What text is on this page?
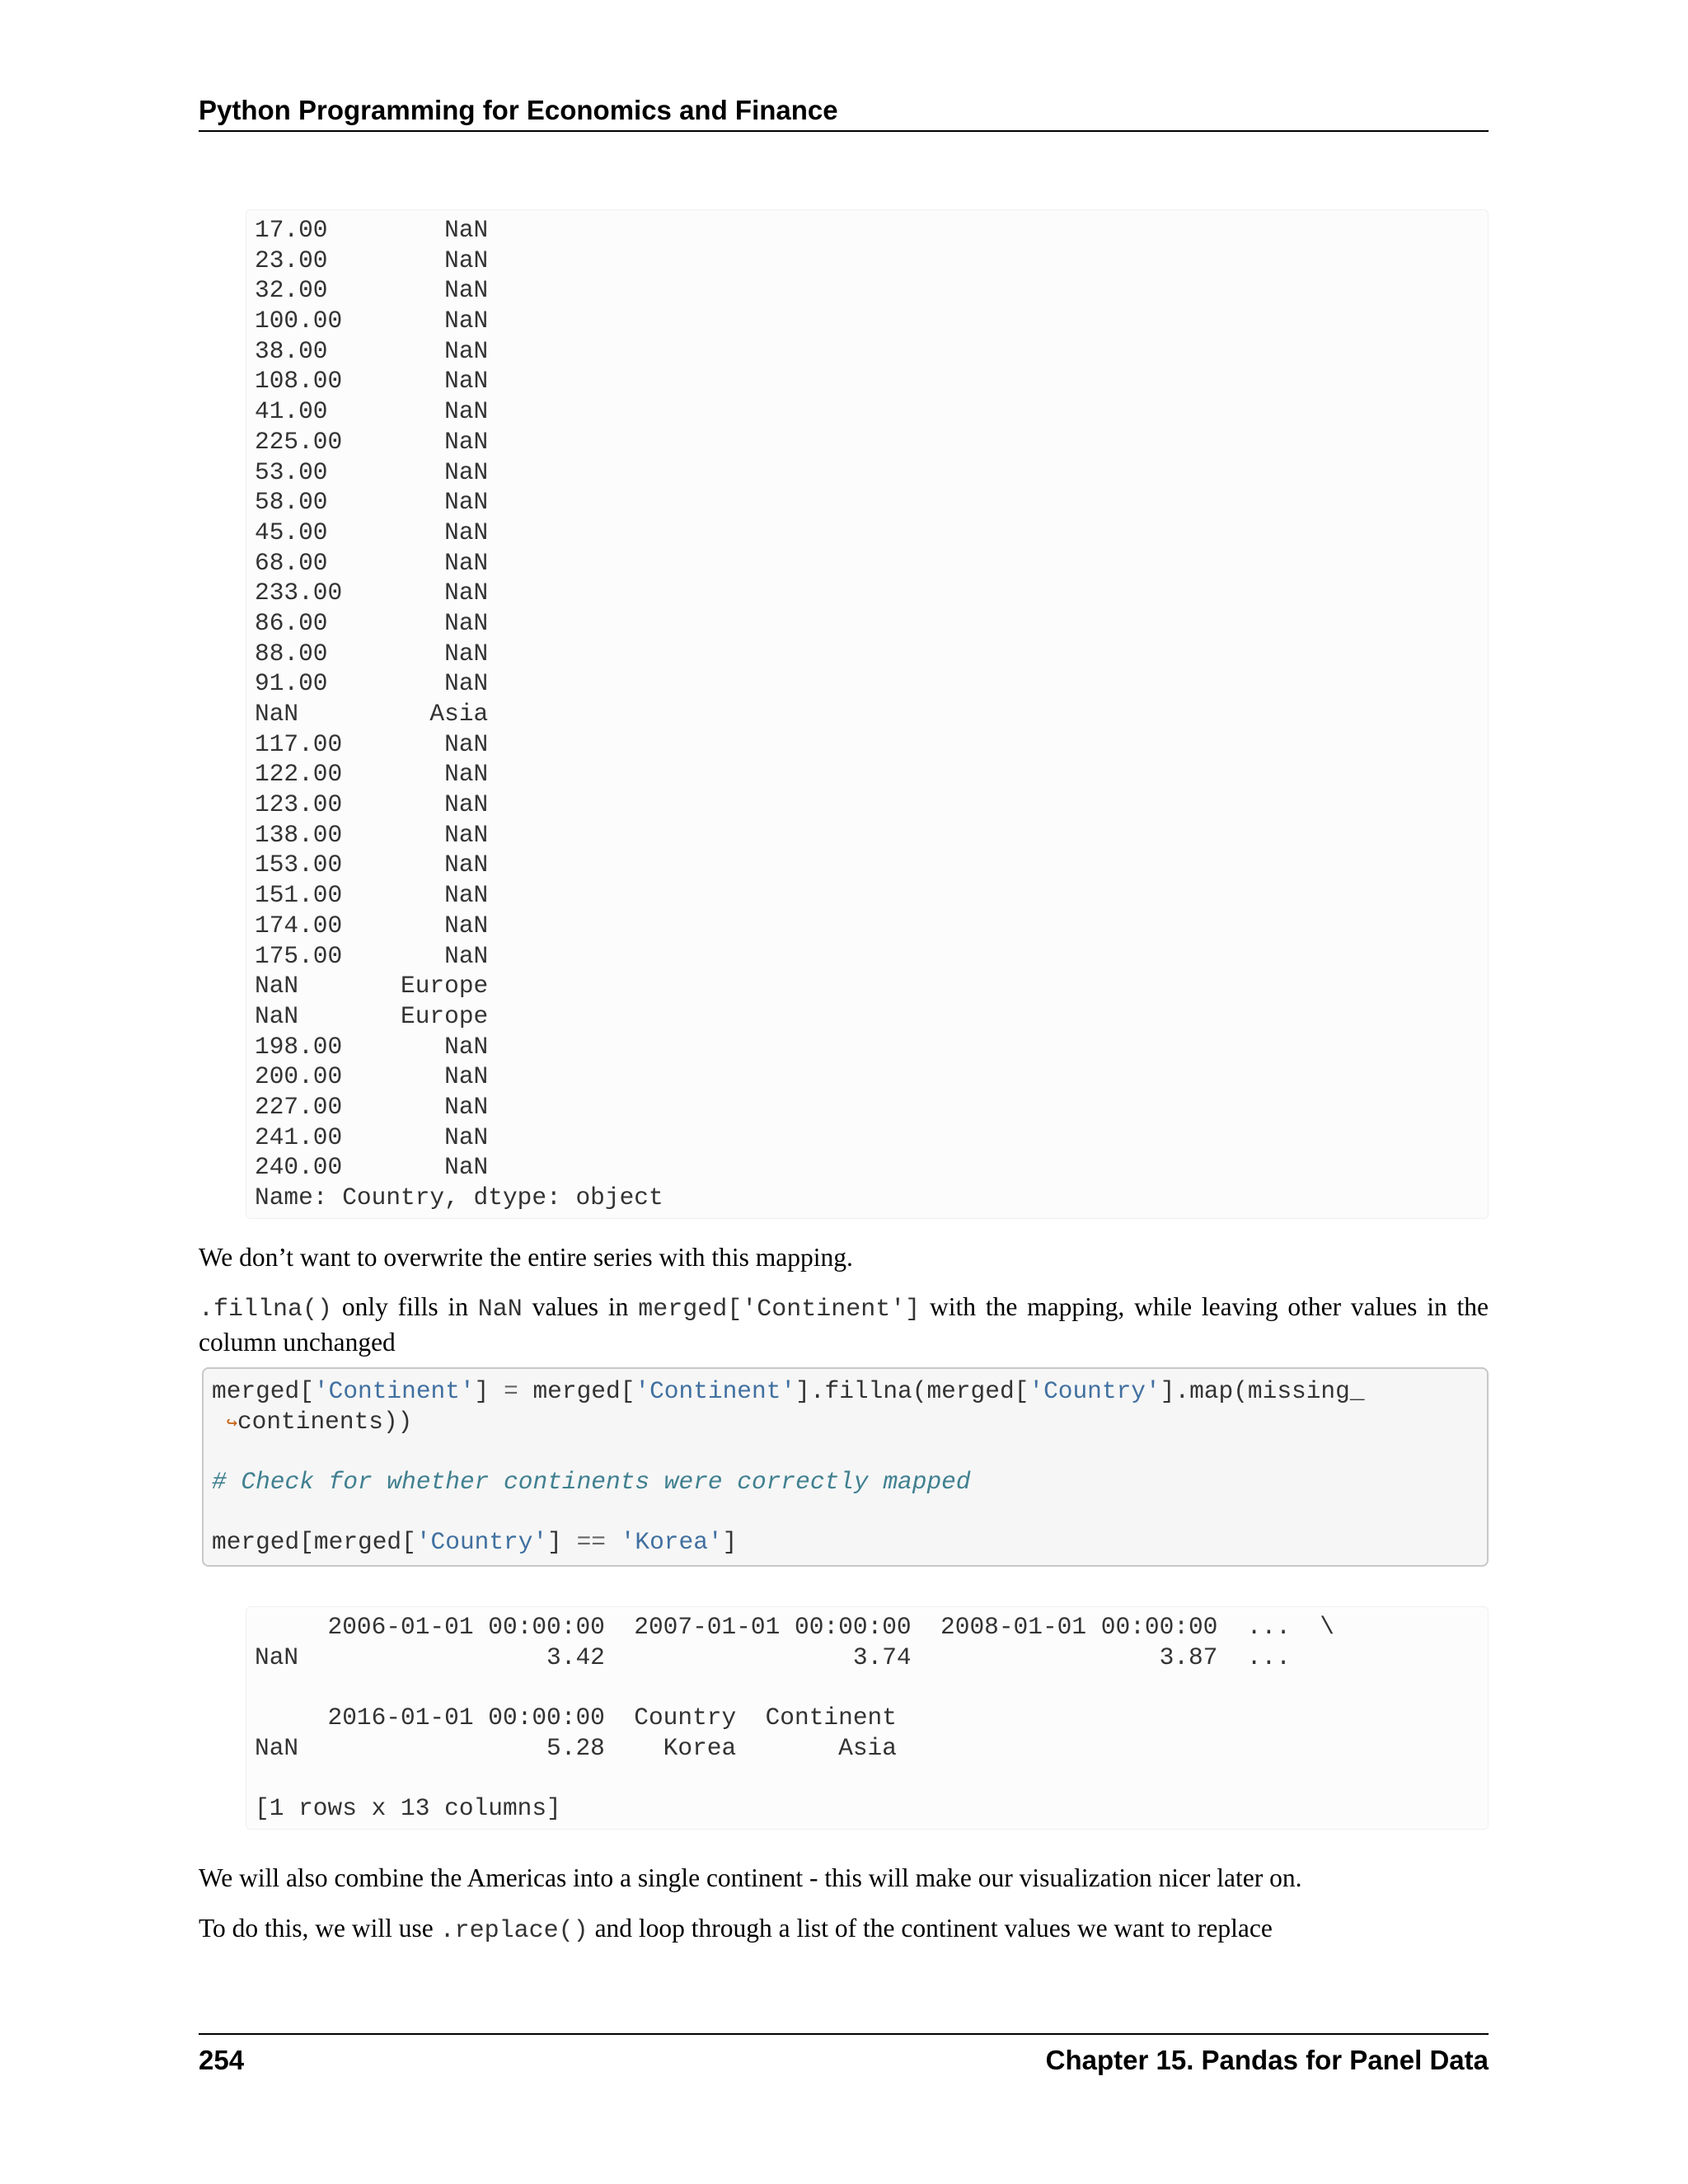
Python Programming for Economics and Finance
17.00        NaN
23.00        NaN
32.00        NaN
100.00       NaN
38.00        NaN
108.00       NaN
41.00        NaN
225.00       NaN
53.00        NaN
58.00        NaN
45.00        NaN
68.00        NaN
233.00       NaN
86.00        NaN
88.00        NaN
91.00        NaN
NaN         Asia
117.00       NaN
122.00       NaN
123.00       NaN
138.00       NaN
153.00       NaN
151.00       NaN
174.00       NaN
175.00       NaN
NaN       Europe
NaN       Europe
198.00       NaN
200.00       NaN
227.00       NaN
241.00       NaN
240.00       NaN
Name: Country, dtype: object
We don’t want to overwrite the entire series with this mapping.
.fillna() only fills in NaN values in merged['Continent'] with the mapping, while leaving other values in the column unchanged
merged['Continent'] = merged['Continent'].fillna(merged['Country'].map(missing_
↪continents))
# Check for whether continents were correctly mapped
merged[merged['Country'] == 'Korea']
2006-01-01 00:00:00  2007-01-01 00:00:00  2008-01-01 00:00:00  ...  \
NaN                 3.42                 3.74                 3.87  ...
2016-01-01 00:00:00  Country  Continent
NaN                 5.28    Korea       Asia
[1 rows x 13 columns]
We will also combine the Americas into a single continent - this will make our visualization nicer later on.
To do this, we will use .replace() and loop through a list of the continent values we want to replace
254	Chapter 15. Pandas for Panel Data
